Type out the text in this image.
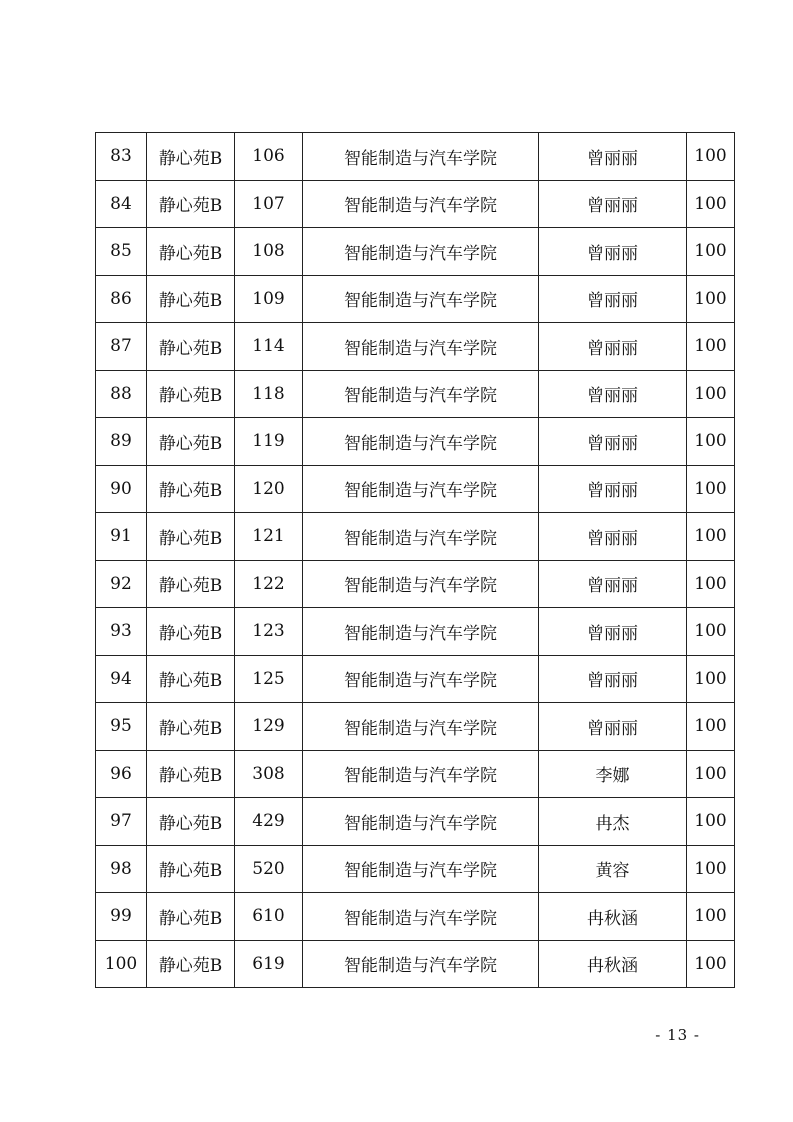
83	静心苑B	106	智能制造与汽车学院	曾丽丽	100
84	静心苑B	107	智能制造与汽车学院	曾丽丽	100
85	静心苑B	108	智能制造与汽车学院	曾丽丽	100
86	静心苑B	109	智能制造与汽车学院	曾丽丽	100
87	静心苑B	114	智能制造与汽车学院	曾丽丽	100
88	静心苑B	118	智能制造与汽车学院	曾丽丽	100
89	静心苑B	119	智能制造与汽车学院	曾丽丽	100
90	静心苑B	120	智能制造与汽车学院	曾丽丽	100
91	静心苑B	121	智能制造与汽车学院	曾丽丽	100
92	静心苑B	122	智能制造与汽车学院	曾丽丽	100
93	静心苑B	123	智能制造与汽车学院	曾丽丽	100
94	静心苑B	125	智能制造与汽车学院	曾丽丽	100
95	静心苑B	129	智能制造与汽车学院	曾丽丽	100
96	静心苑B	308	智能制造与汽车学院	李娜	100
97	静心苑B	429	智能制造与汽车学院	冉杰	100
98	静心苑B	520	智能制造与汽车学院	黄容	100
99	静心苑B	610	智能制造与汽车学院	冉秋涵	100
100	静心苑B	619	智能制造与汽车学院	冉秋涵	100
- 13 -
